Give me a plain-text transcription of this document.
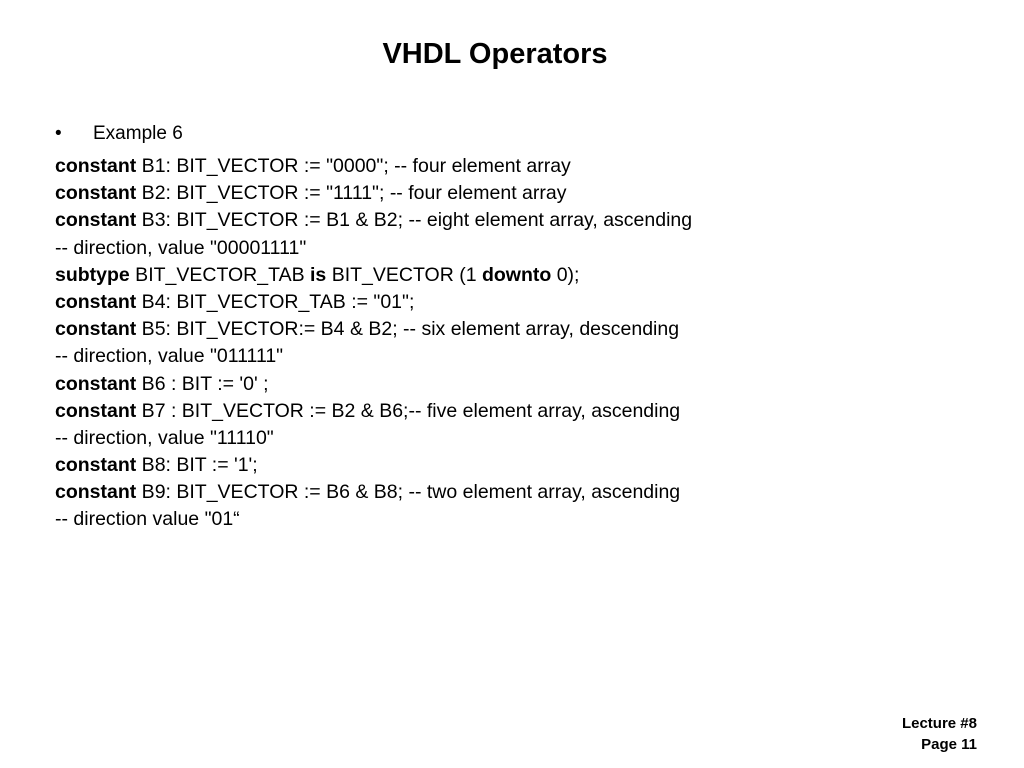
VHDL Operators
• Example 6
constant B1: BIT_VECTOR := "0000"; -- four element array
constant B2: BIT_VECTOR := "1111"; -- four element array
constant B3: BIT_VECTOR := B1 & B2; -- eight element array, ascending
-- direction, value "00001111"
subtype BIT_VECTOR_TAB is BIT_VECTOR (1 downto 0);
constant B4: BIT_VECTOR_TAB := "01";
constant B5: BIT_VECTOR:= B4 & B2; -- six element array, descending
-- direction, value "011111"
constant B6 : BIT := '0' ;
constant B7 : BIT_VECTOR := B2 & B6;-- five element array, ascending
-- direction, value "11110"
constant B8: BIT := '1';
constant B9: BIT_VECTOR := B6 & B8; -- two element array, ascending
-- direction value "01“
Lecture #8
Page 11
